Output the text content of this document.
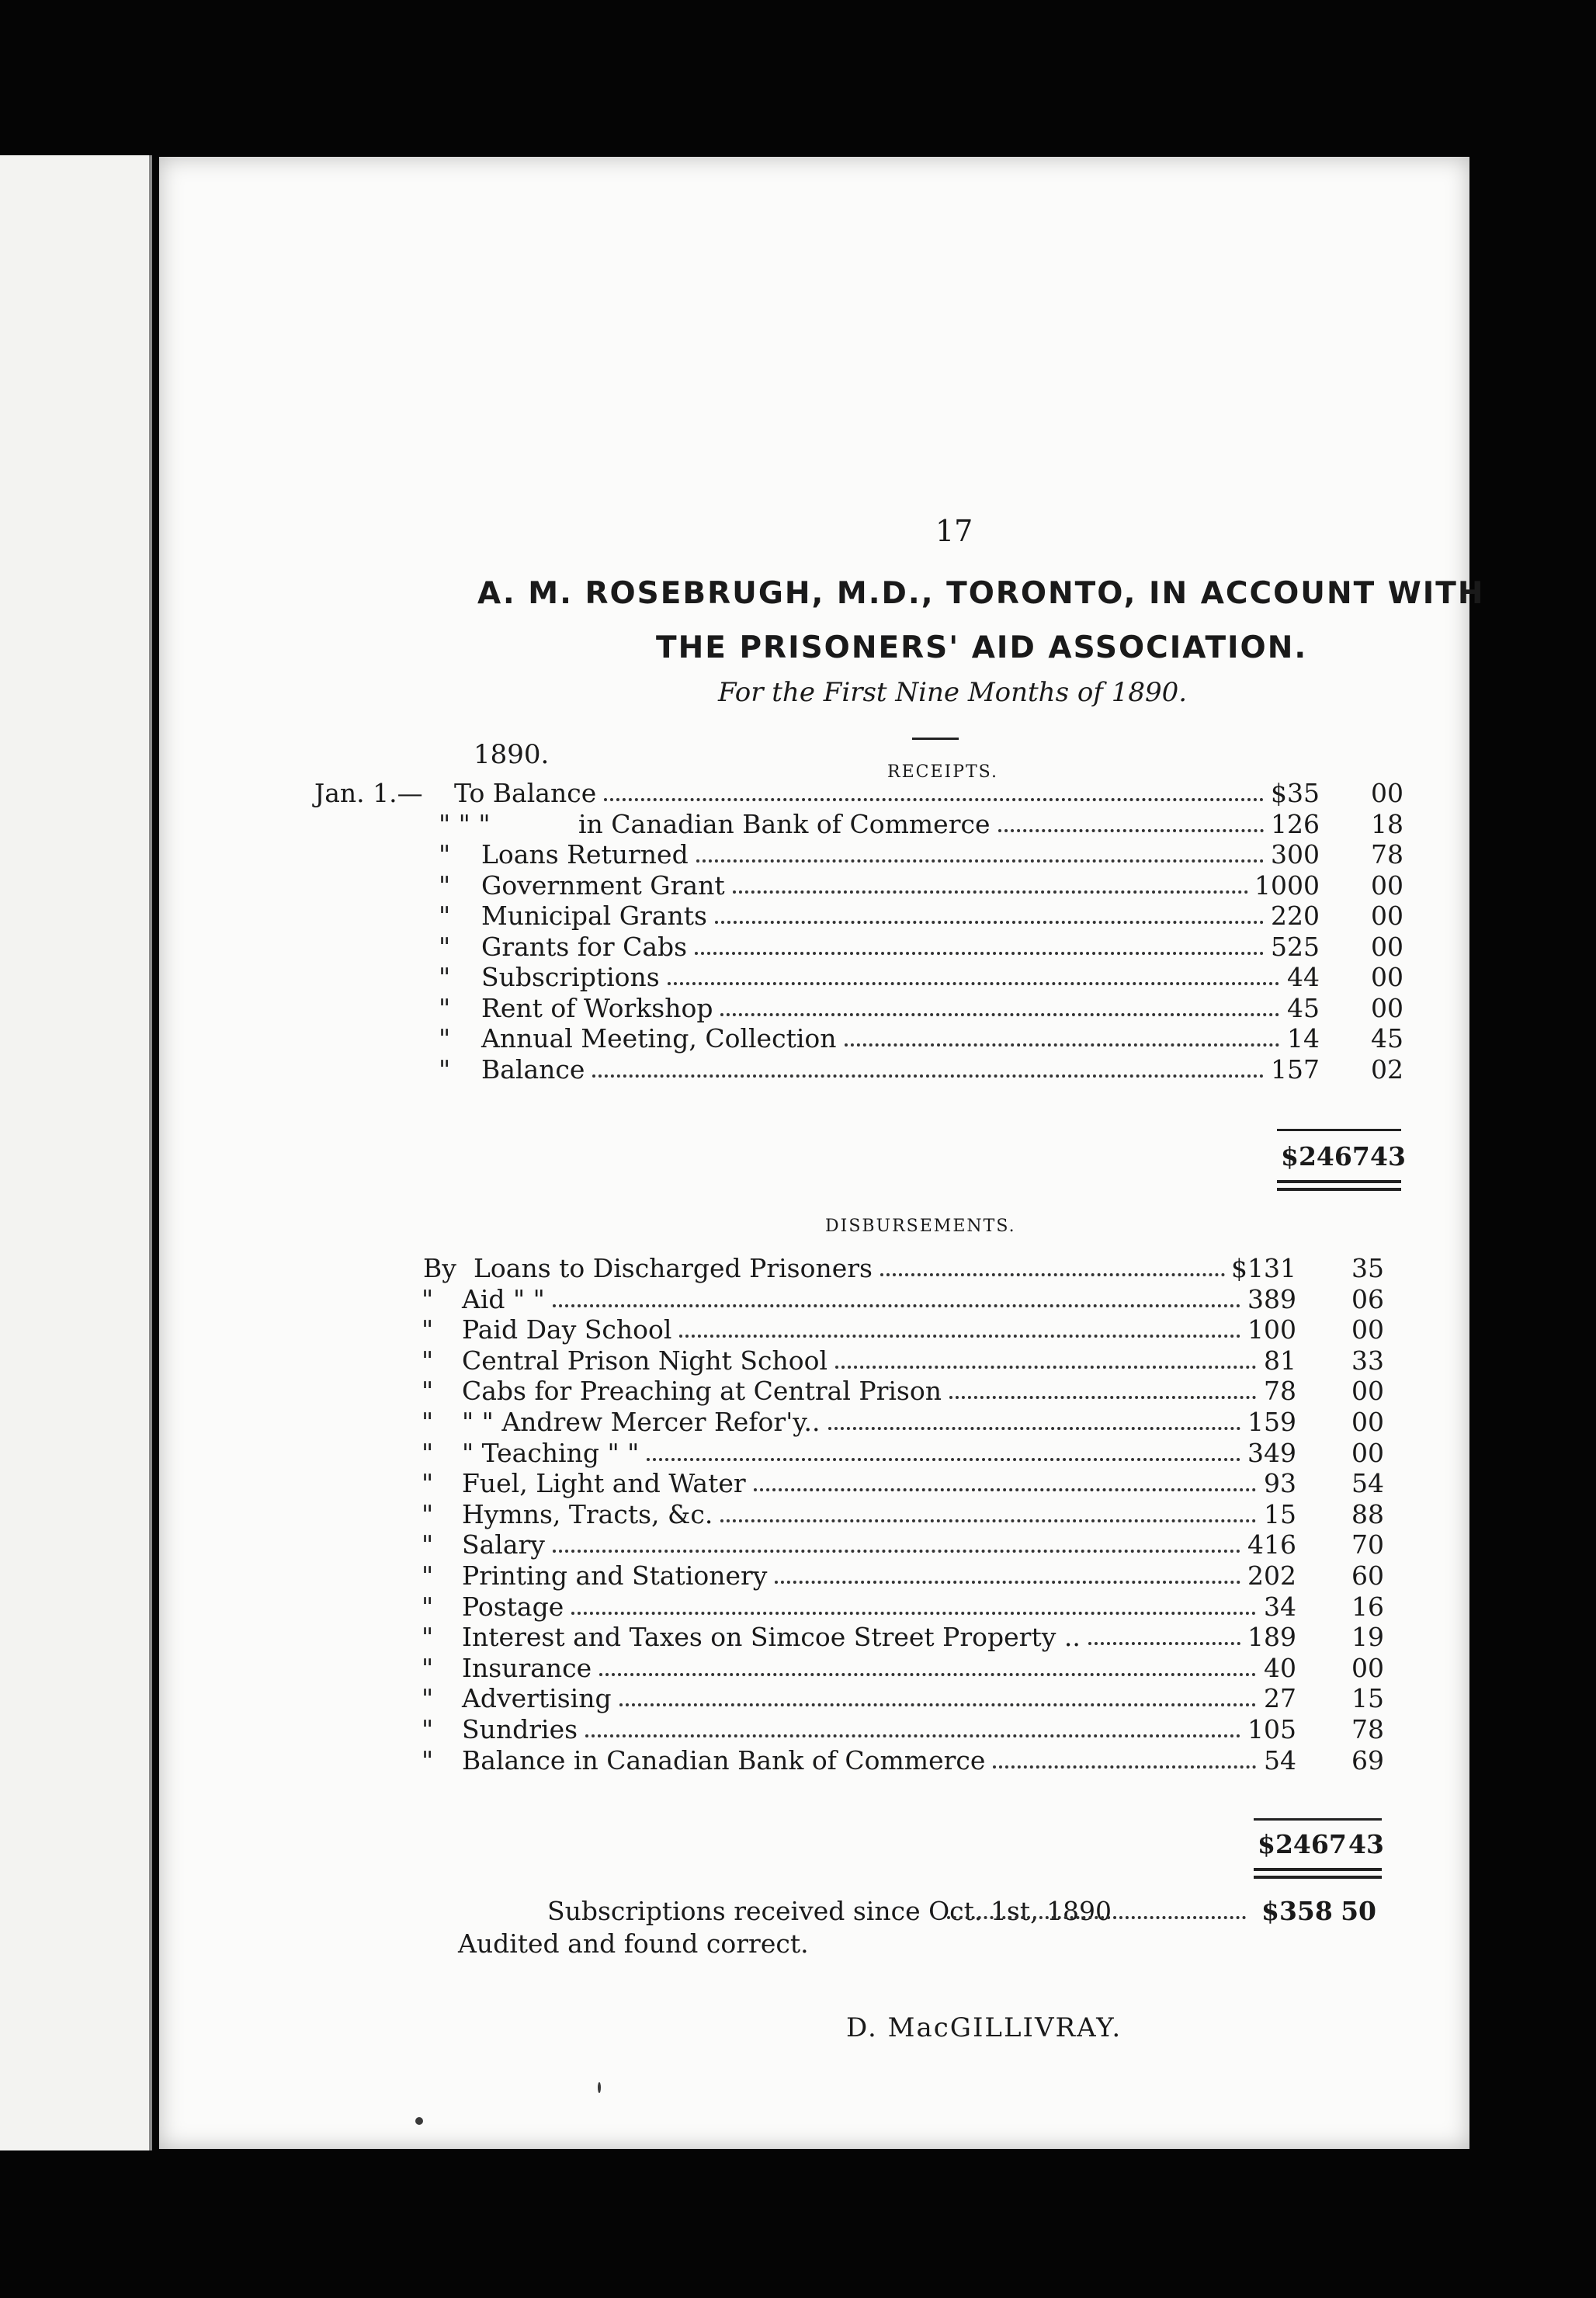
17
A. M. ROSEBRUGH, M.D., TORONTO, IN ACCOUNT WITH
THE PRISONERS' AID ASSOCIATION.
For the First Nine Months of 1890.
1890.
RECEIPTS.
Jan. 1.— To Balance	$35 00
" " "	in Canadian Bank of Commerce	126 18
" Loans Returned	300 78
" Government Grant	1000 00
" Municipal Grants	220 00
" Grants for Cabs	525 00
" Subscriptions	44 00
" Rent of Workshop	45 00
" Annual Meeting, Collection	14 45
" Balance	157 02
$2467 43
DISBURSEMENTS.
By Loans to Discharged Prisoners	$131 35
" Aid " "	389 06
" Paid Day School	100 00
" Central Prison Night School	81 33
" Cabs for Preaching at Central Prison	78 00
" " " Andrew Mercer Refor'y..	159 00
" " Teaching " "	349 00
" Fuel, Light and Water	93 54
" Hymns, Tracts, &c.	15 88
" Salary	416 70
" Printing and Stationery	202 60
" Postage	34 16
" Interest and Taxes on Simcoe Street Property ..	189 19
" Insurance	40 00
" Advertising	27 15
" Sundries	105 78
" Balance in Canadian Bank of Commerce	54 69
$2467 43
Subscriptions received since Oct. 1st, 1890	$358 50
Audited and found correct.
D. MacGILLIVRAY.
